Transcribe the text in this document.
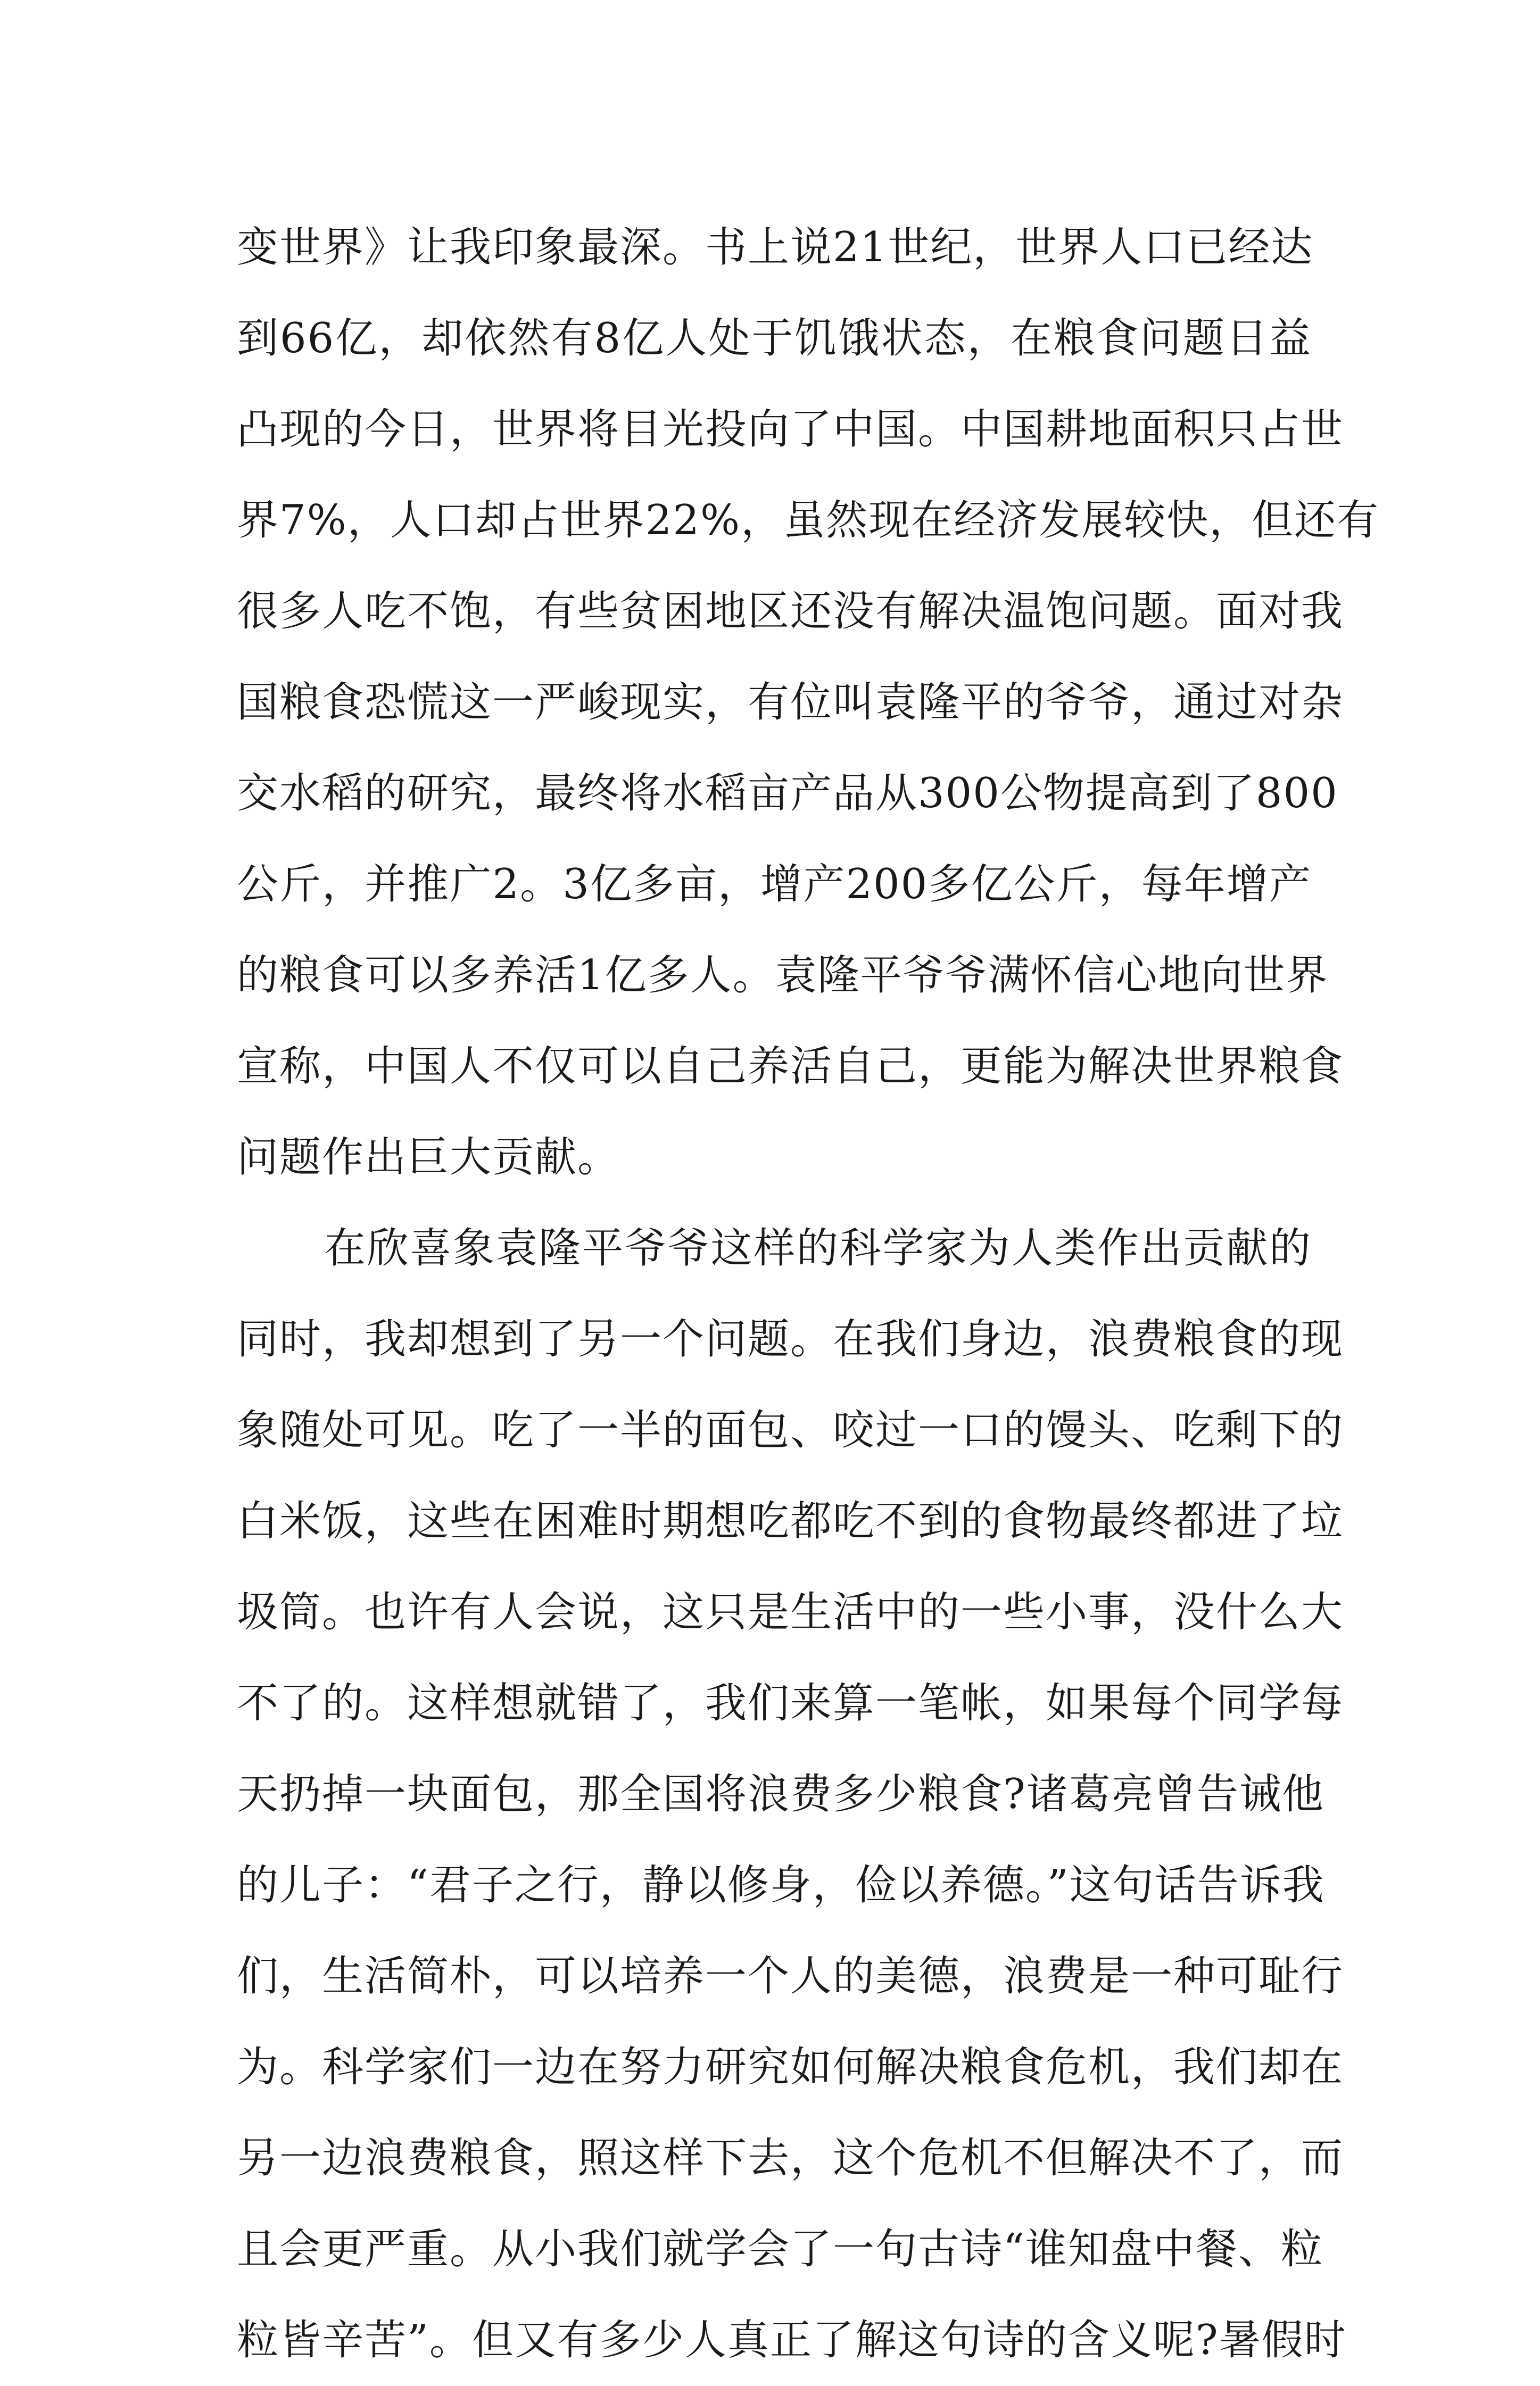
变世界》让我印象最深。书上说21世纪，世界人口已经达
到66亿，却依然有8亿人处于饥饿状态，在粮食问题日益
凸现的今日，世界将目光投向了中国。中国耕地面积只占世
界7%，人口却占世界22%，虽然现在经济发展较快，但还有
很多人吃不饱，有些贫困地区还没有解决温饱问题。面对我
国粮食恐慌这一严峻现实，有位叫袁隆平的爷爷，通过对杂
交水稻的研究，最终将水稻亩产品从300公物提高到了800
公斤，并推广2。3亿多亩，增产200多亿公斤，每年增产
的粮食可以多养活1亿多人。袁隆平爷爷满怀信心地向世界
宣称，中国人不仅可以自己养活自己，更能为解决世界粮食
问题作出巨大贡献。
在欣喜象袁隆平爷爷这样的科学家为人类作出贡献的
同时，我却想到了另一个问题。在我们身边，浪费粮食的现
象随处可见。吃了一半的面包、咬过一口的馒头、吃剩下的
白米饭，这些在困难时期想吃都吃不到的食物最终都进了垃
圾筒。也许有人会说，这只是生活中的一些小事，没什么大
不了的。这样想就错了，我们来算一笔帐，如果每个同学每
天扔掉一块面包，那全国将浪费多少粮食?诸葛亮曾告诫他
的儿子：“君子之行，静以修身，俭以养德。”这句话告诉我
们，生活简朴，可以培养一个人的美德，浪费是一种可耻行
为。科学家们一边在努力研究如何解决粮食危机，我们却在
另一边浪费粮食，照这样下去，这个危机不但解决不了，而
且会更严重。从小我们就学会了一句古诗“谁知盘中餐、粒
粒皆辛苦”。但又有多少人真正了解这句诗的含义呢?暑假时
